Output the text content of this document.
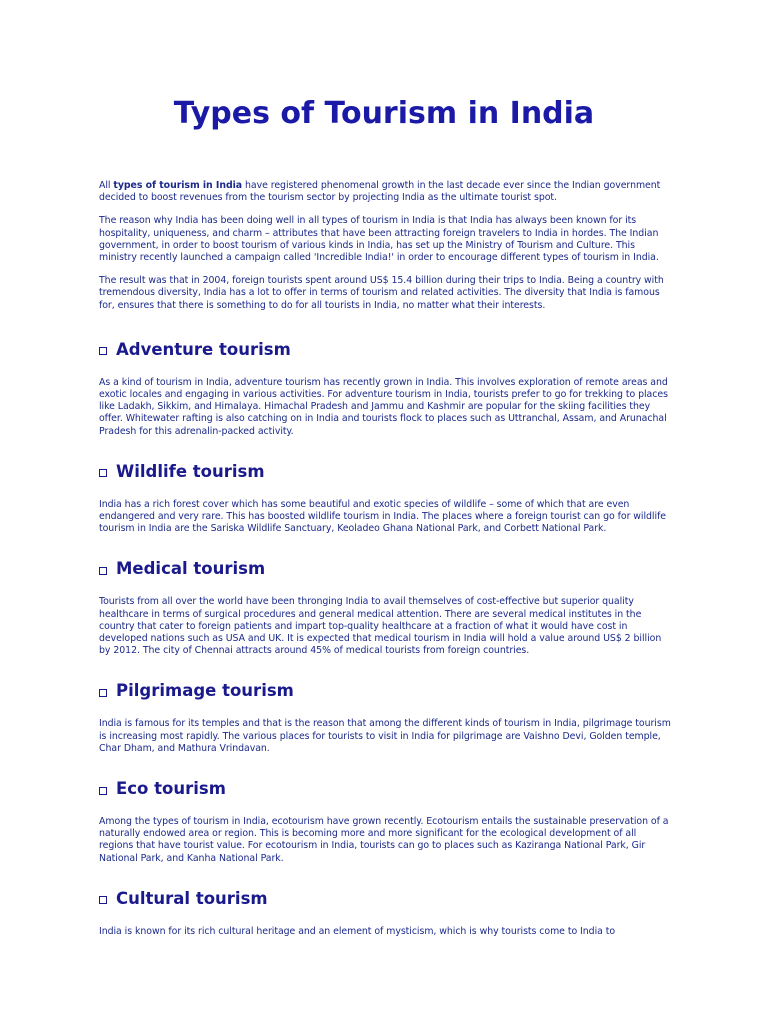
Types of Tourism in India

All types of tourism in India have registered phenomenal growth in the last decade ever since the Indian government decided to boost revenues from the tourism sector by projecting India as the ultimate tourist spot.

The reason why India has been doing well in all types of tourism in India is that India has always been known for its hospitality, uniqueness, and charm – attributes that have been attracting foreign travelers to India in hordes. The Indian government, in order to boost tourism of various kinds in India, has set up the Ministry of Tourism and Culture. This ministry recently launched a campaign called 'Incredible India!' in order to encourage different types of tourism in India.

The result was that in 2004, foreign tourists spent around US$ 15.4 billion during their trips to India. Being a country with tremendous diversity, India has a lot to offer in terms of tourism and related activities. The diversity that India is famous for, ensures that there is something to do for all tourists in India, no matter what their interests.

Adventure tourism

As a kind of tourism in India, adventure tourism has recently grown in India. This involves exploration of remote areas and exotic locales and engaging in various activities. For adventure tourism in India, tourists prefer to go for trekking to places like Ladakh, Sikkim, and Himalaya. Himachal Pradesh and Jammu and Kashmir are popular for the skiing facilities they offer. Whitewater rafting is also catching on in India and tourists flock to places such as Uttranchal, Assam, and Arunachal Pradesh for this adrenalin-packed activity.

Wildlife tourism

India has a rich forest cover which has some beautiful and exotic species of wildlife – some of which that are even endangered and very rare. This has boosted wildlife tourism in India. The places where a foreign tourist can go for wildlife tourism in India are the Sariska Wildlife Sanctuary, Keoladeo Ghana National Park, and Corbett National Park.

Medical tourism

Tourists from all over the world have been thronging India to avail themselves of cost-effective but superior quality healthcare in terms of surgical procedures and general medical attention. There are several medical institutes in the country that cater to foreign patients and impart top-quality healthcare at a fraction of what it would have cost in developed nations such as USA and UK. It is expected that medical tourism in India will hold a value around US$ 2 billion by 2012. The city of Chennai attracts around 45% of medical tourists from foreign countries.

Pilgrimage tourism

India is famous for its temples and that is the reason that among the different kinds of tourism in India, pilgrimage tourism is increasing most rapidly. The various places for tourists to visit in India for pilgrimage are Vaishno Devi, Golden temple, Char Dham, and Mathura Vrindavan.

Eco tourism

Among the types of tourism in India, ecotourism have grown recently. Ecotourism entails the sustainable preservation of a naturally endowed area or region. This is becoming more and more significant for the ecological development of all regions that have tourist value. For ecotourism in India, tourists can go to places such as Kaziranga National Park, Gir National Park, and Kanha National Park.

Cultural tourism

India is known for its rich cultural heritage and an element of mysticism, which is why tourists come to India to
